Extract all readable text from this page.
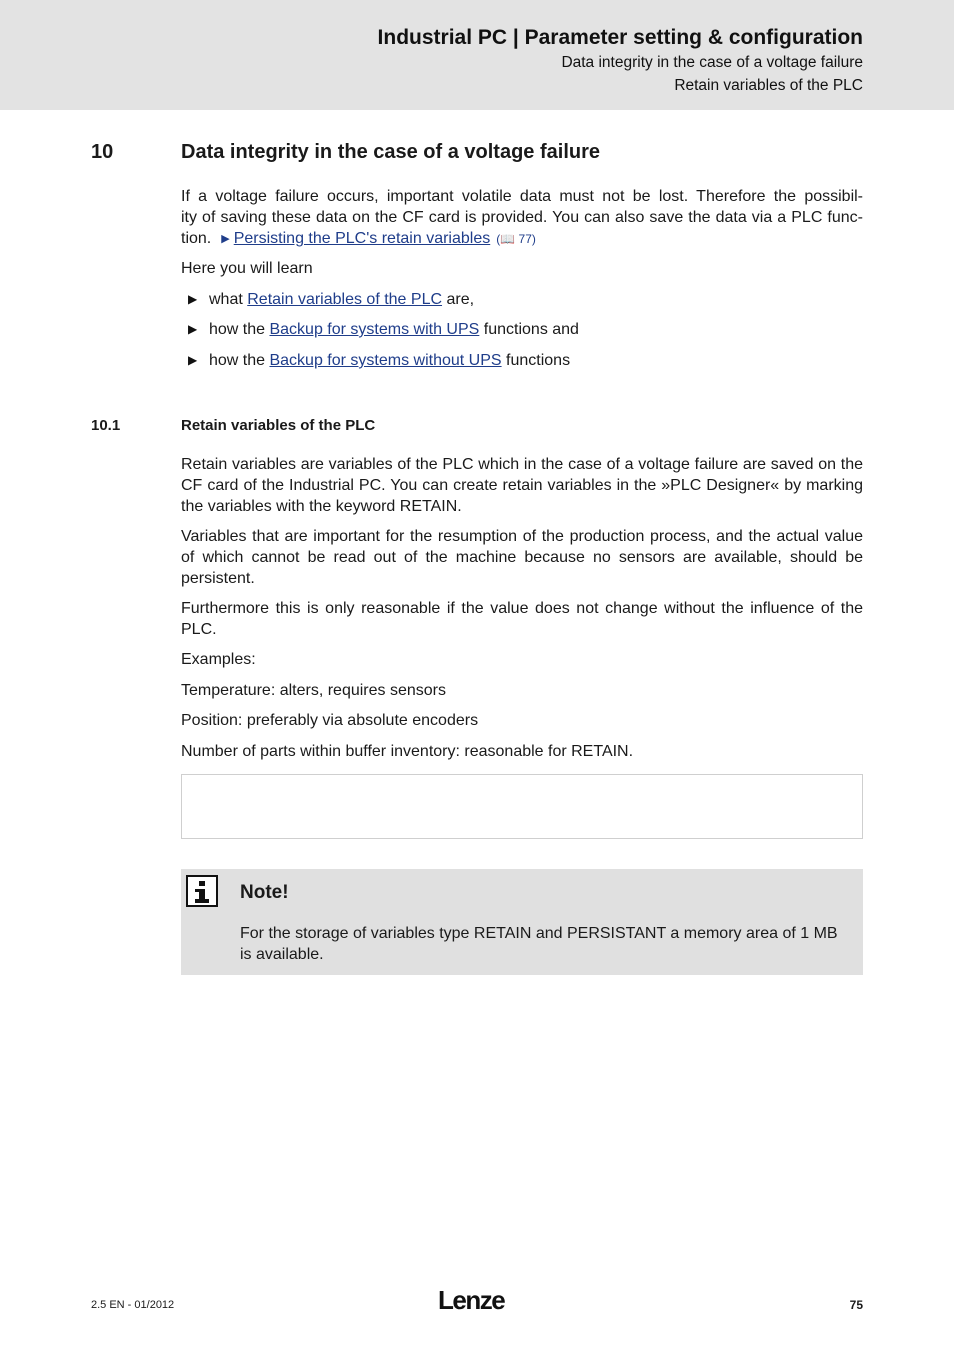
Industrial PC | Parameter setting & configuration
Data integrity in the case of a voltage failure
Retain variables of the PLC
10	Data integrity in the case of a voltage failure
If a voltage failure occurs, important volatile data must not be lost. Therefore the possibil-
ity of saving these data on the CF card is provided. You can also save the data via a PLC func-
tion. ▶ Persisting the PLC's retain variables (📖 77)
Here you will learn
▶ what Retain variables of the PLC are,
▶ how the Backup for systems with UPS functions and
▶ how the Backup for systems without UPS functions
10.1	Retain variables of the PLC

Retain variables are variables of the PLC which in the case of a voltage failure are saved on the CF card of the Industrial PC. You can create retain variables in the »PLC Designer« by marking the variables with the keyword RETAIN.

Variables that are important for the resumption of the production process, and the actual value of which cannot be read out of the machine because no sensors are available, should be persistent.

Furthermore this is only reasonable if the value does not change without the influence of the PLC.

Examples:
Temperature: alters, requires sensors
Position: preferably via absolute encoders
Number of parts within buffer inventory: reasonable for RETAIN.
Note!

For the storage of variables type RETAIN and PERSISTANT a memory area of 1 MB is available.

2.5 EN - 01/2012	Lenze	75
